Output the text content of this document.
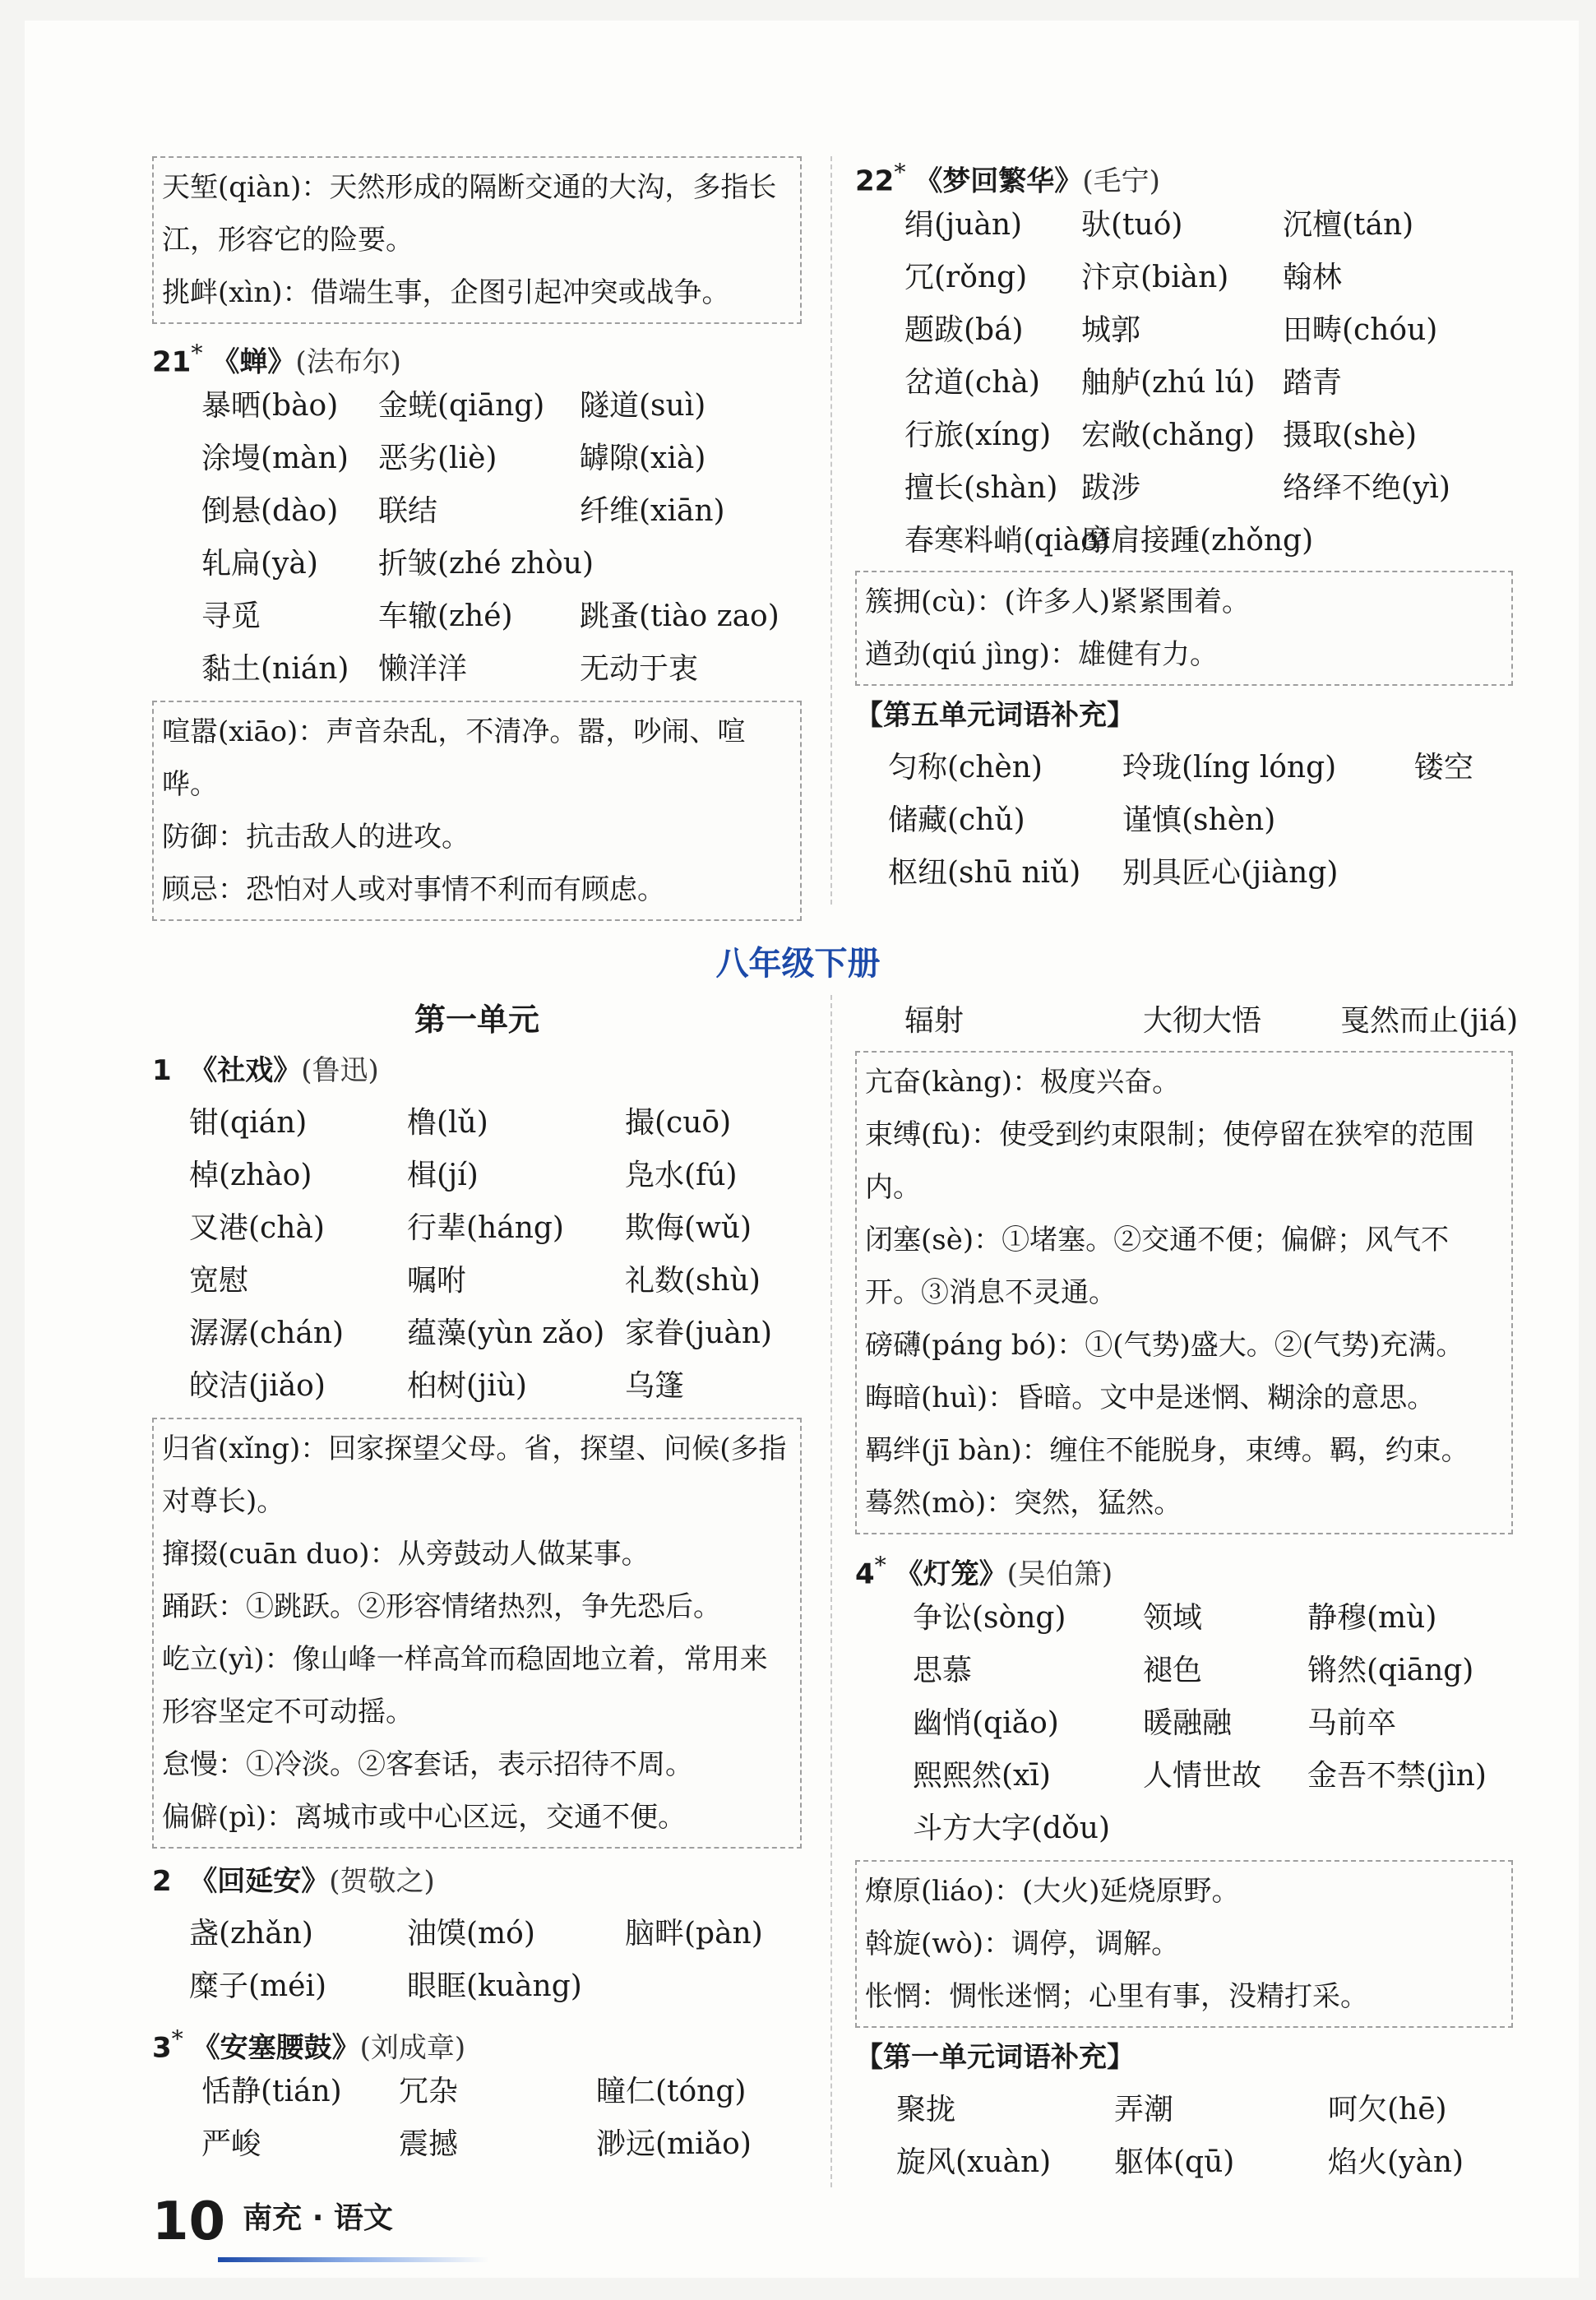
天堑(qiàn)：天然形成的隔断交通的大沟，多指长江，形容它的险要。

挑衅(xìn)：借端生事，企图引起冲突或战争。

21* 《蝉》(法布尔)
暴晒(bào)	金蜣(qiāng)	隧道(suì)
涂墁(màn)	恶劣(liè)	罅隙(xià)
倒悬(dào)	联结	纤维(xiān)
轧扁(yà)	折皱(zhé zhòu)
寻觅	车辙(zhé)	跳蚤(tiào zao)
黏土(nián) 懒洋洋	无动于衷

喧嚣(xiāo)：声音杂乱，不清净。嚣，吵闹、喧哗。

防御：抗击敌人的进攻。

顾忌：恐怕对人或对事情不利而有顾虑。

22* 《梦回繁华》(毛宁)
绢(juàn)	驮(tuó)	沉檀(tán)
冗(rǒng)	汴京(biàn)	翰林
题跋(bá)	城郭	田畴(chóu)
岔道(chà)	舳舻(zhú lú) 踏青
行旅(xíng)	宏敞(chǎng) 摄取(shè)
擅长(shàn) 跋涉	络绎不绝(yì)
春寒料峭(qiào)
摩肩接踵(zhǒng)

簇拥(cù)：(许多人)紧紧围着。

遒劲(qiú jìng)：雄健有力。

【第五单元词语补充】
匀称(chèn)	玲珑(líng lóng)	镂空
储藏(chǔ)	谨慎(shèn)
枢纽(shū niǔ)	别具匠心(jiàng)
八年级下册
第一单元
1 《社戏》(鲁迅)
钳(qián)	橹(lǔ)	撮(cuō)
棹(zhào)	楫(jí)	凫水(fú)
叉港(chà)	行辈(háng)	欺侮(wǔ)
宽慰	嘱咐	礼数(shù)
潺潺(chán)	蕴藻(yùn zǎo) 家眷(juàn)
皎洁(jiǎo)	桕树(jiù)	乌篷

归省(xǐng)：回家探望父母。省，探望、问候(多指对尊长)。

撺掇(cuān duo)：从旁鼓动人做某事。

踊跃：①跳跃。②形容情绪热烈，争先恐后。

屹立(yì)：像山峰一样高耸而稳固地立着，常用来形容坚定不可动摇。

怠慢：①冷淡。②客套话，表示招待不周。

偏僻(pì)：离城市或中心区远，交通不便。

2 《回延安》(贺敬之)
盏(zhǎn)	油馍(mó)	脑畔(pàn)
糜子(méi)	眼眶(kuàng)
3* 《安塞腰鼓》(刘成章)
恬静(tián)	冗杂	瞳仁(tóng)
严峻	震撼	渺远(miǎo)
辐射	大彻大悟	戛然而止(jiá)

亢奋(kàng)：极度兴奋。

束缚(fù)：使受到约束限制；使停留在狭窄的范围内。

闭塞(sè)：①堵塞。②交通不便；偏僻；风气不开。③消息不灵通。

磅礴(páng bó)：①(气势)盛大。②(气势)充满。

晦暗(huì)：昏暗。文中是迷惘、糊涂的意思。

羁绊(jī bàn)：缠住不能脱身，束缚。羁，约束。

蓦然(mò)：突然，猛然。

4* 《灯笼》(吴伯箫)
争讼(sòng)	领域	静穆(mù)
思慕	褪色	锵然(qiāng)
幽悄(qiǎo)	暖融融	马前卒
熙熙然(xī)	人情世故	金吾不禁(jìn)
斗方大字(dǒu)

燎原(liáo)：(大火)延烧原野。

斡旋(wò)：调停，调解。

怅惘：惆怅迷惘；心里有事，没精打采。

【第一单元词语补充】
聚拢	弄潮	呵欠(hē)
旋风(xuàn)	躯体(qū)	焰火(yàn)
10 南充 · 语文
